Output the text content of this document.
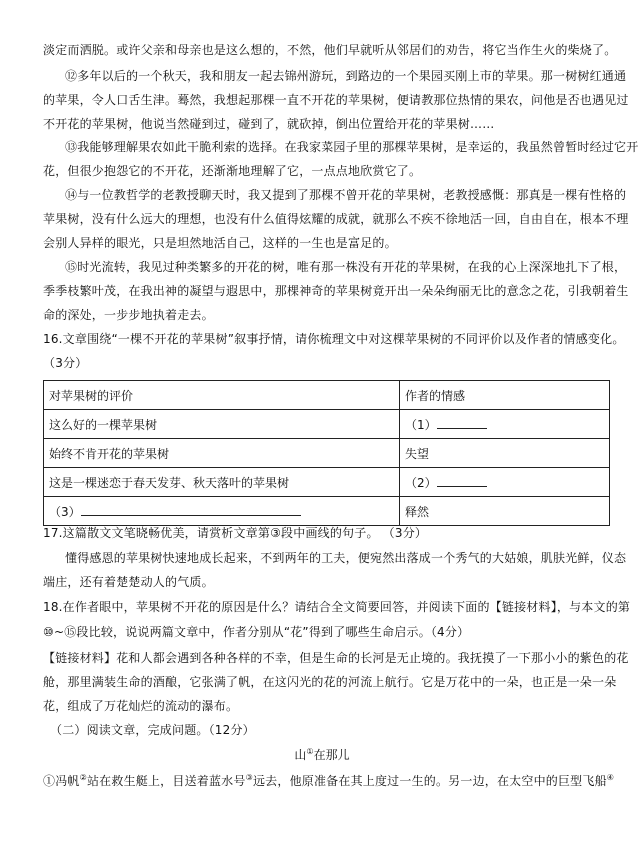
淡定而洒脱。或许父亲和母亲也是这么想的，不然，他们早就听从邻居们的劝告，将它当作生火的柴烧了。
⑫多年以后的一个秋天，我和朋友一起去锦州游玩，到路边的一个果园买刚上市的苹果。那一树树红通通
的苹果，令人口舌生津。蓦然，我想起那棵一直不开花的苹果树，便请教那位热情的果农，问他是否也遇见过
不开花的苹果树，他说当然碰到过，碰到了，就砍掉，倒出位置给开花的苹果树……
⑬我能够理解果农如此干脆利索的选择。在我家菜园子里的那棵苹果树，是幸运的，我虽然曾暂时经过它开
花，但很少抱怨它的不开花，还渐渐地理解了它，一点点地欣赏它了。
⑭与一位教哲学的老教授聊天时，我又提到了那棵不曾开花的苹果树，老教授感慨：那真是一棵有性格的
苹果树，没有什么远大的理想，也没有什么值得炫耀的成就，就那么不疾不徐地活一回，自由自在，根本不理
会别人异样的眼光，只是坦然地活自己，这样的一生也是富足的。
⑮时光流转，我见过种类繁多的开花的树，唯有那一株没有开花的苹果树，在我的心上深深地扎下了根，
季季枝繁叶茂，在我出神的凝望与遐思中，那棵神奇的苹果树竟开出一朵朵绚丽无比的意念之花，引我朝着生
命的深处，一步步地执着走去。
16.文章围绕“一棵不开花的苹果树”叙事抒情，请你梳理文中对这棵苹果树的不同评价以及作者的情感变化。
（3分）
对苹果树的评价	作者的情感
这么好的一棵苹果树	（1）
始终不肯开花的苹果树	失望
这是一棵迷恋于春天发芽、秋天落叶的苹果树	（2）
（3）	释然
17.这篇散文文笔晓畅优美，请赏析文章第③段中画线的句子。 （3分）
懂得感恩的苹果树快速地成长起来，不到两年的工夫，便宛然出落成一个秀气的大姑娘，肌肤光鲜，仪态
端庄，还有着楚楚动人的气质。
18.在作者眼中，苹果树不开花的原因是什么？请结合全文简要回答，并阅读下面的【链接材料】，与本文的第
⑩~⑮段比较，说说两篇文章中，作者分别从“花”得到了哪些生命启示。（4分）
【链接材料】花和人都会遇到各种各样的不幸，但是生命的长河是无止境的。我抚摸了一下那小小的紫色的花
舱，那里满装生命的酒酿，它张满了帆，在这闪光的花的河流上航行。它是万花中的一朵，也正是一朵一朵
花，组成了万花灿烂的流动的瀑布。
（二）阅读文章，完成问题。（12分）
山①在那儿
①冯帆②站在救生艇上，目送着蓝水号③远去，他原准备在其上度过一生的。另一边，在太空中的巨型飞船④
